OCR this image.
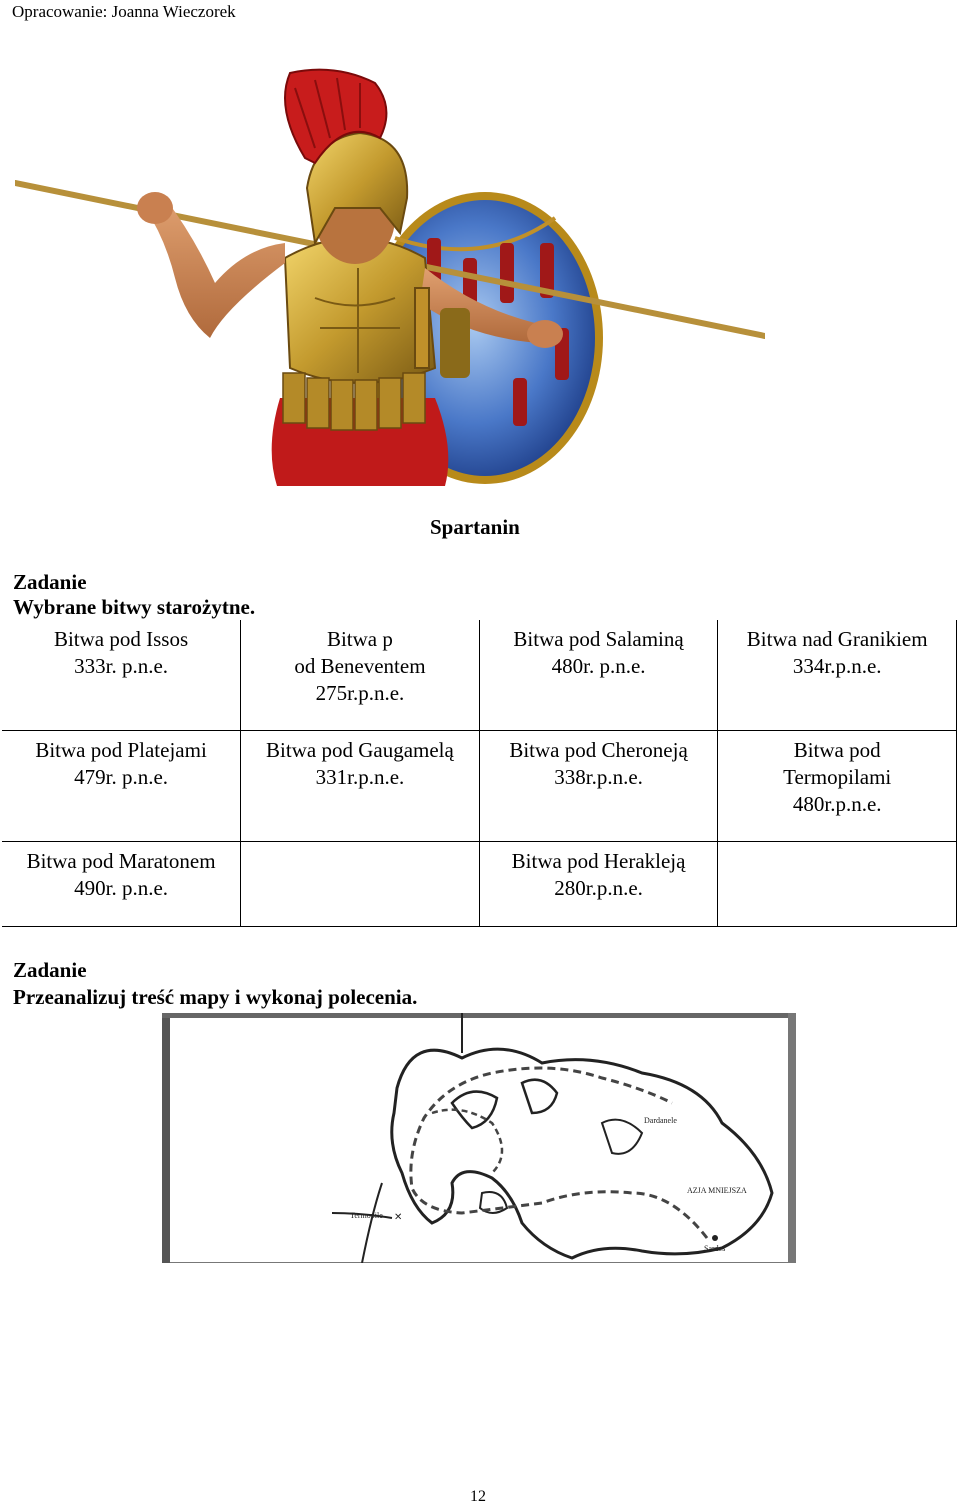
Opracowanie: Joanna Wieczorek
Spartanin
Zadanie
Wybrane bitwy starożytne.
Bitwa pod Issos
333r. p.n.e.	Bitwa p
od Beneventem
275r.p.n.e.	Bitwa pod Salaminą
480r. p.n.e.	Bitwa nad Granikiem
334r.p.n.e.

Bitwa pod Platejami
479r. p.n.e.	Bitwa pod Gaugamelą
331r.p.n.e.	Bitwa pod Cheroneją
338r.p.n.e.	Bitwa pod
Termopilami
480r.p.n.e.

Bitwa pod Maratonem
490r. p.n.e.		Bitwa pod Herakleją
280r.p.n.e.	

Zadanie
Przeanalizuj treść mapy i wykonaj polecenia.
Dardanele
AZJA MNIEJSZA
Termopile
Sardes
✕
12
